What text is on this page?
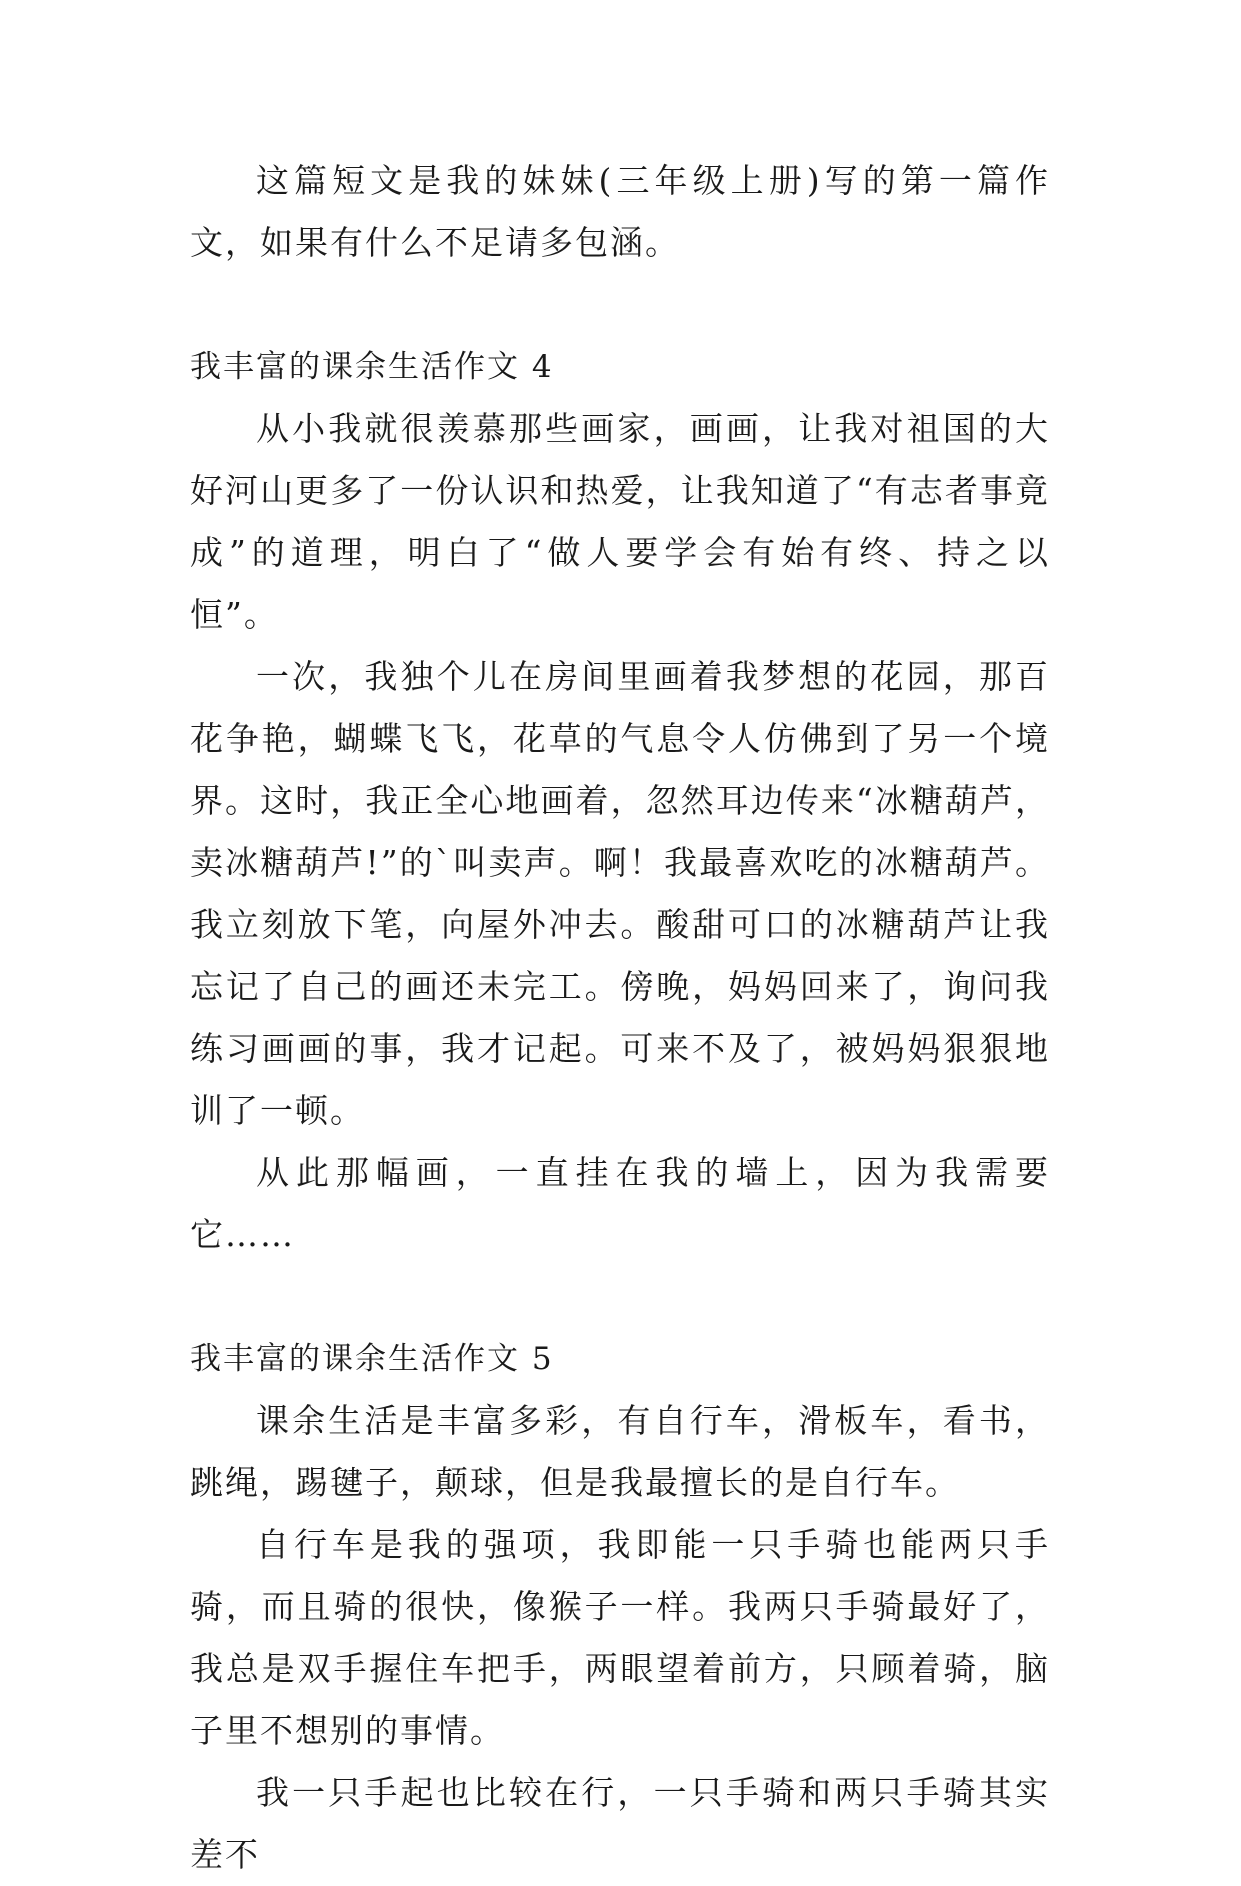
这篇短文是我的妹妹(三年级上册)写的第一篇作文，如果有什么不足请多包涵。

我丰富的课余生活作文 4

从小我就很羡慕那些画家，画画，让我对祖国的大好河山更多了一份认识和热爱，让我知道了“有志者事竟成”的道理，明白了“做人要学会有始有终、持之以恒”。

一次，我独个儿在房间里画着我梦想的花园，那百花争艳，蝴蝶飞飞，花草的气息令人仿佛到了另一个境界。这时，我正全心地画着，忽然耳边传来“冰糖葫芦，卖冰糖葫芦!”的`叫卖声。啊！我最喜欢吃的冰糖葫芦。我立刻放下笔，向屋外冲去。酸甜可口的冰糖葫芦让我忘记了自己的画还未完工。傍晚，妈妈回来了，询问我练习画画的事，我才记起。可来不及了，被妈妈狠狠地训了一顿。

从此那幅画，一直挂在我的墙上，因为我需要它……

我丰富的课余生活作文 5

课余生活是丰富多彩，有自行车，滑板车，看书，跳绳，踢毽子，颠球，但是我最擅长的是自行车。

自行车是我的强项，我即能一只手骑也能两只手骑，而且骑的很快，像猴子一样。我两只手骑最好了，我总是双手握住车把手，两眼望着前方，只顾着骑，脑子里不想别的事情。

我一只手起也比较在行，一只手骑和两只手骑其实差不
